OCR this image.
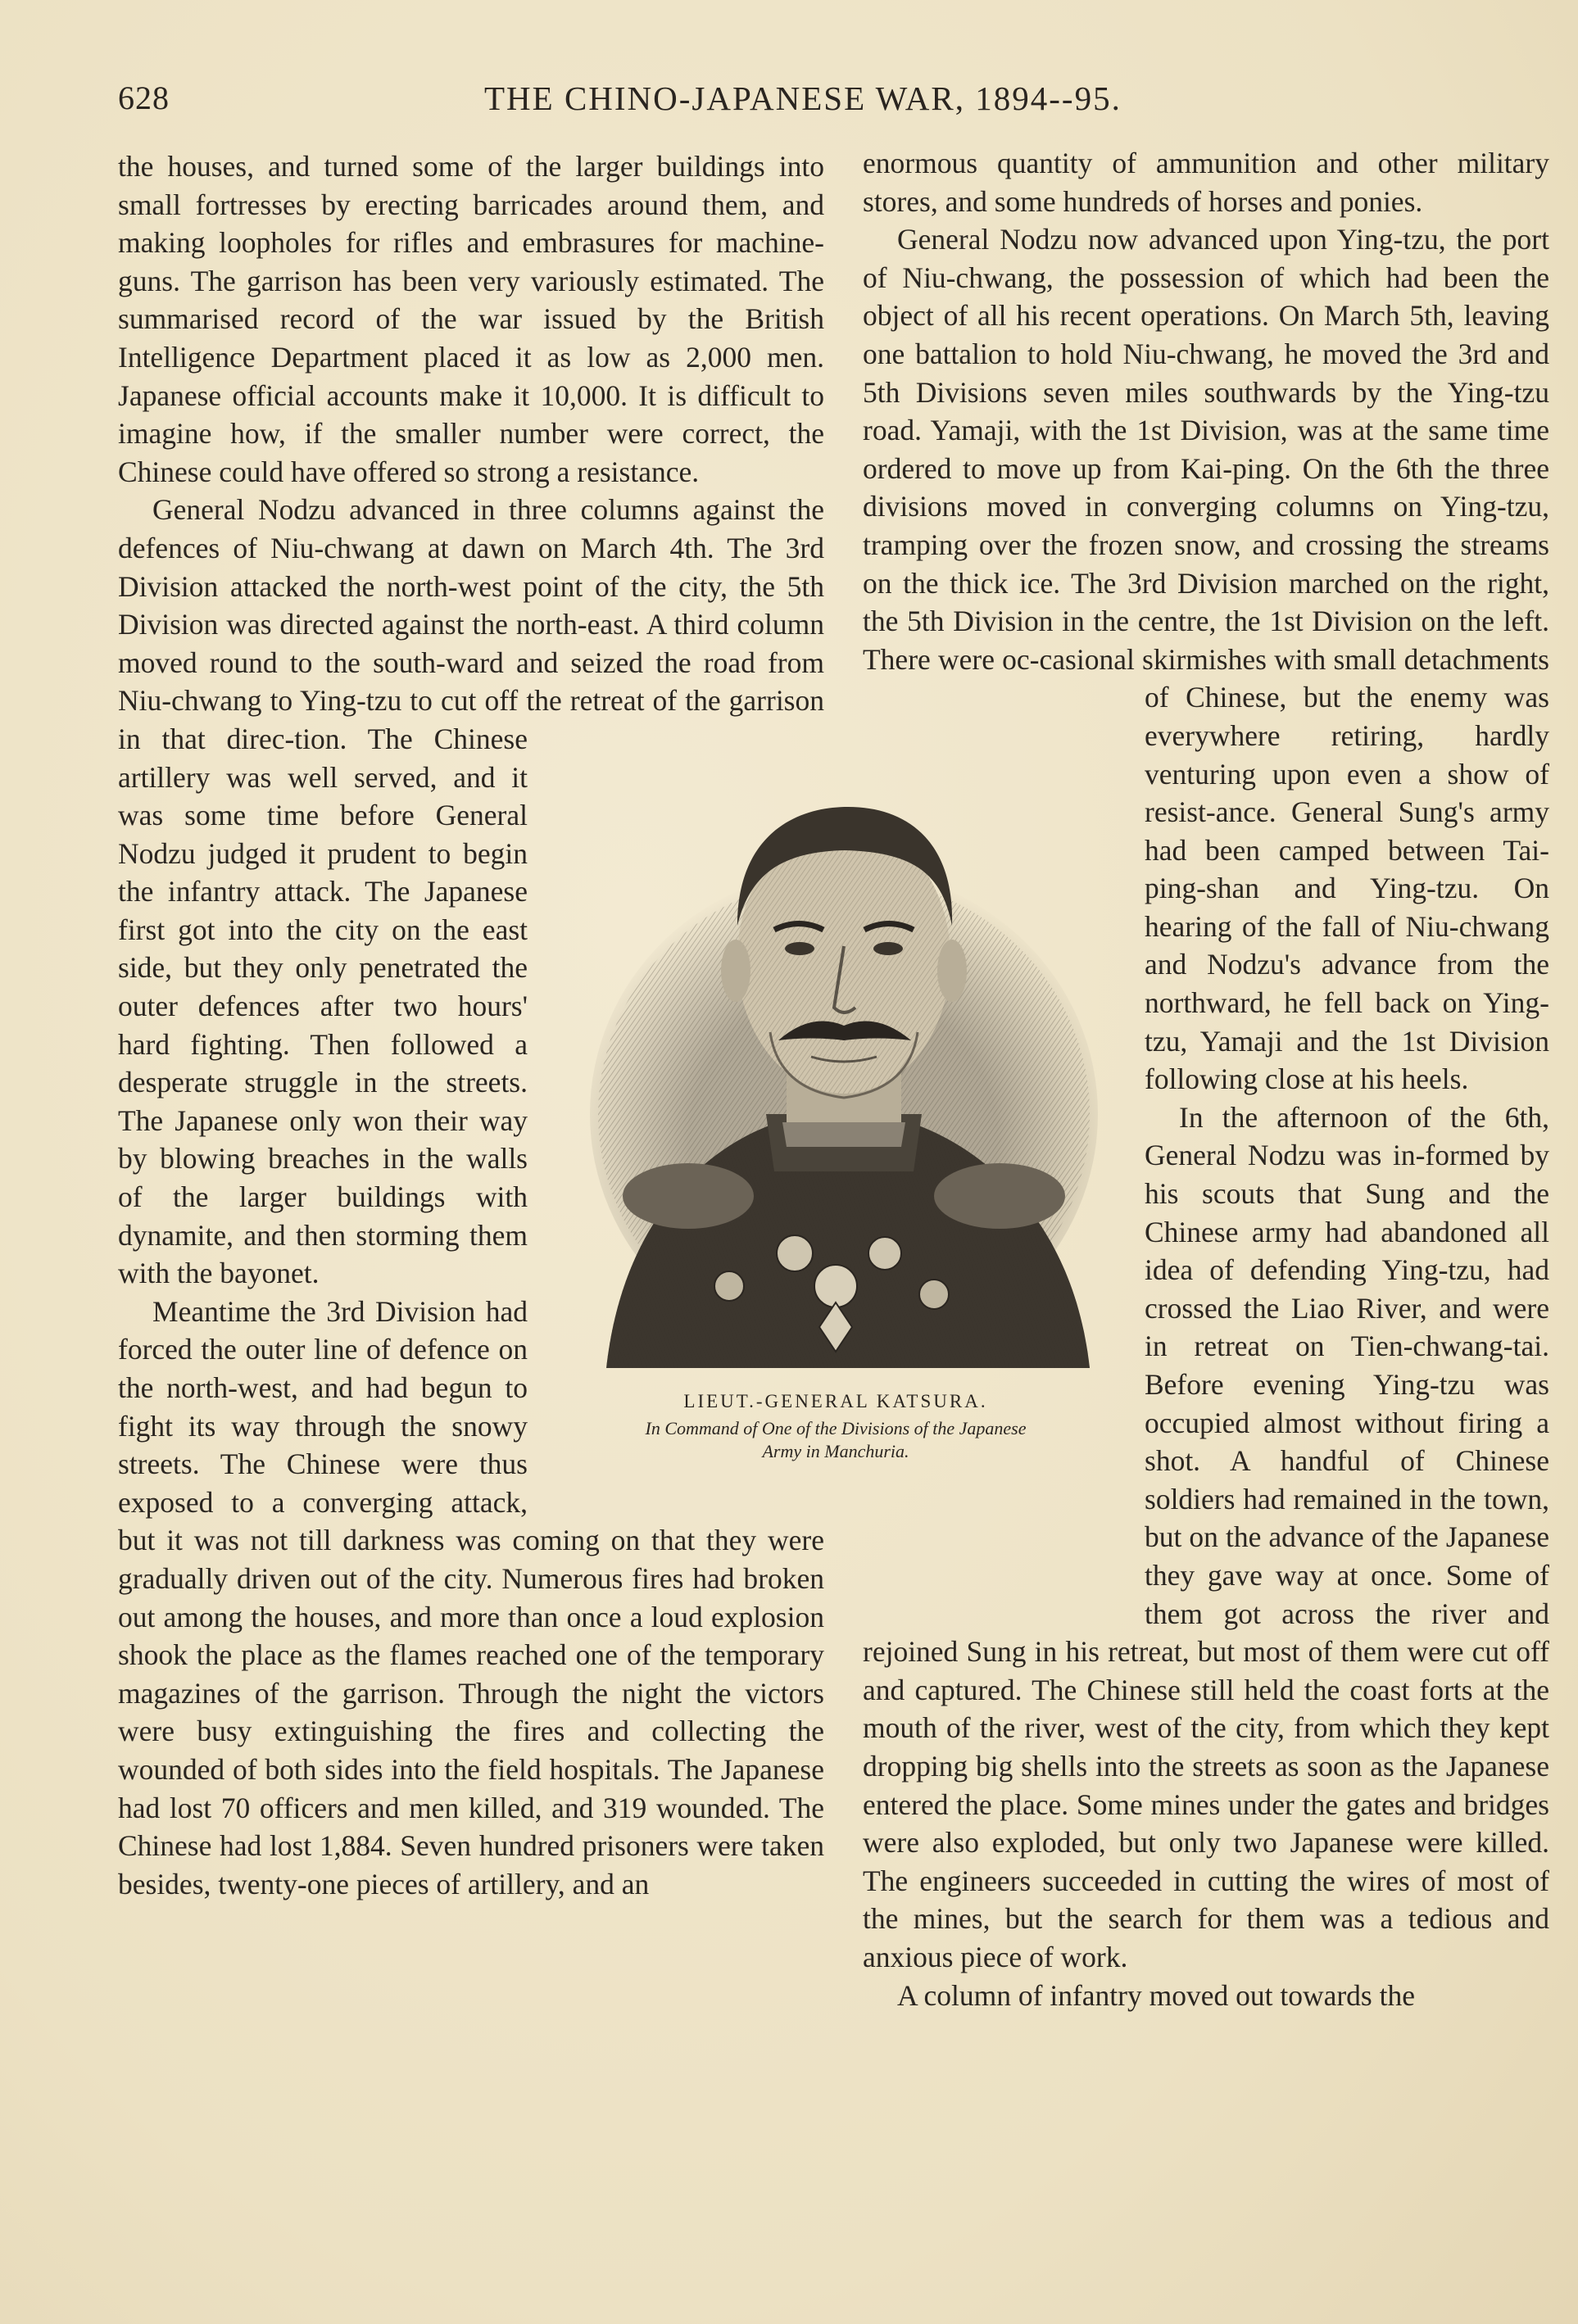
628	THE CHINO-JAPANESE WAR, 1894--95.

the houses, and turned some of the larger buildings into small fortresses by erecting barricades around them, and making loopholes for rifles and embrasures for machine-guns. The garrison has been very variously estimated. The summarised record of the war issued by the British Intelligence Department placed it as low as 2,000 men. Japanese official accounts make it 10,000. It is difficult to imagine how, if the smaller number were correct, the Chinese could have offered so strong a resistance.

General Nodzu advanced in three columns against the defences of Niu-chwang at dawn on March 4th. The 3rd Division attacked the north-west point of the city, the 5th Division was directed against the north-east. A third column moved round to the south-ward and seized the road from Niu-chwang to Ying-tzu to cut off the retreat of the garrison in that direc-tion. The Chinese artillery was well served, and it was some time before General Nodzu judged it prudent to begin the infantry attack. The Japanese first got into the city on the east side, but they only penetrated the outer defences after two hours' hard fighting. Then followed a desperate struggle in the streets. The Japanese only won their way by blowing breaches in the walls of the larger buildings with dynamite, and then storming them with the bayonet.

Meantime the 3rd Division had forced the outer line of defence on the north-west, and had begun to fight its way through the snowy streets. The Chinese were thus exposed to a converging attack, but it was not till darkness was coming on that they were gradually driven out of the city. Numerous fires had broken out among the houses, and more than once a loud explosion shook the place as the flames reached one of the temporary magazines of the garrison. Through the night the victors were busy extinguishing the fires and collecting the wounded of both sides into the field hospitals. The Japanese had lost 70 officers and men killed, and 319 wounded. The Chinese had lost 1,884. Seven hundred prisoners were taken besides, twenty-one pieces of artillery, and an

enormous quantity of ammunition and other military stores, and some hundreds of horses and ponies.

General Nodzu now advanced upon Ying-tzu, the port of Niu-chwang, the possession of which had been the object of all his recent operations. On March 5th, leaving one battalion to hold Niu-chwang, he moved the 3rd and 5th Divisions seven miles southwards by the Ying-tzu road. Yamaji, with the 1st Division, was at the same time ordered to move up from Kai-ping. On the 6th the three divisions moved in converging columns on Ying-tzu, tramping over the frozen snow, and crossing the streams on the thick ice. The 3rd Division marched on the right, the 5th Division in the centre, the 1st Division on the left. There were oc-casional skirmishes with small detachments of Chinese, but the enemy was everywhere retiring, hardly venturing upon even a show of resist-ance. General Sung's army had been camped between Tai-ping-shan and Ying-tzu. On hearing of the fall of Niu-chwang and Nodzu's advance from the northward, he fell back on Ying-tzu, Yamaji and the 1st Division following close at his heels.

In the afternoon of the 6th, General Nodzu was in-formed by his scouts that Sung and the Chinese army had abandoned all idea of defending Ying-tzu, had crossed the Liao River, and were in retreat on Tien-chwang-tai. Before evening Ying-tzu was occupied almost without firing a shot. A handful of Chinese soldiers had remained in the town, but on the advance of the Japanese they gave way at once. Some of them got across the river and rejoined Sung in his retreat, but most of them were cut off and captured. The Chinese still held the coast forts at the mouth of the river, west of the city, from which they kept dropping big shells into the streets as soon as the Japanese entered the place. Some mines under the gates and bridges were also exploded, but only two Japanese were killed. The engineers succeeded in cutting the wires of most of the mines, but the search for them was a tedious and anxious piece of work.

A column of infantry moved out towards the

LIEUT.-GENERAL KATSURA.
In Command of One of the Divisions of the Japanese
Army in Manchuria.
